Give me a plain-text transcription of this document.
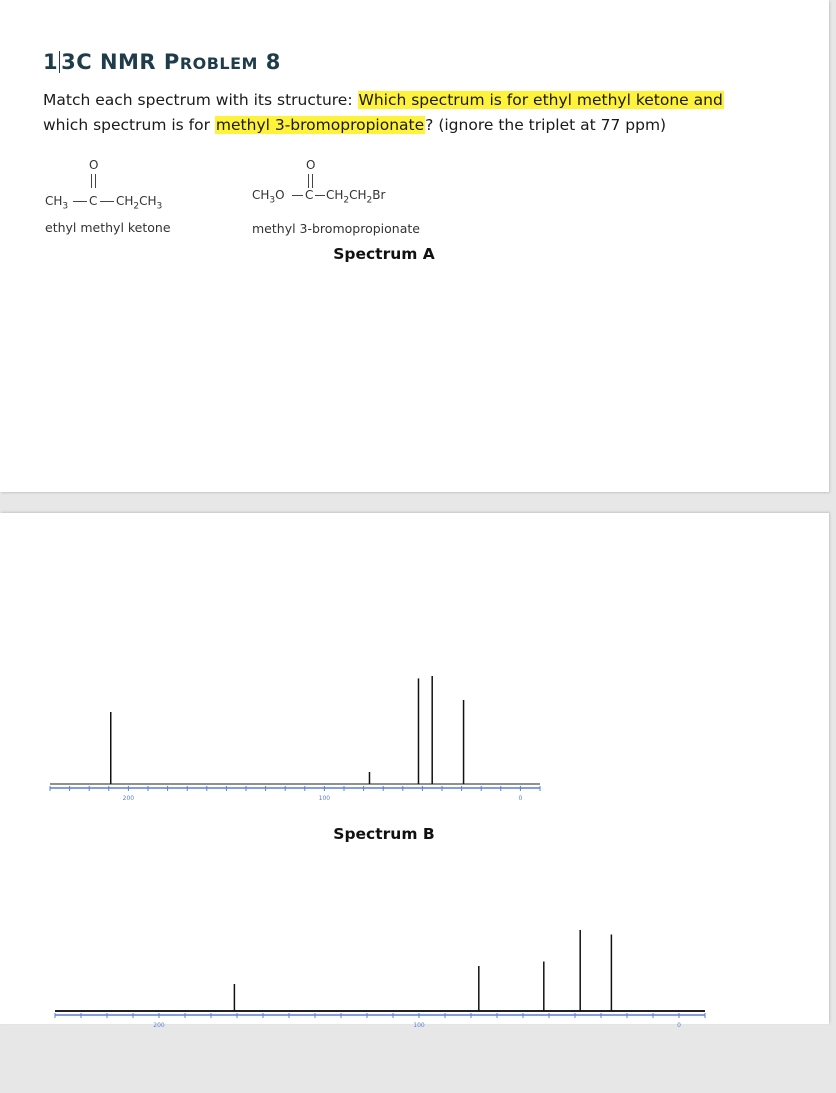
1 3C NMR PROBLEM 8
Match each spectrum with its structure: Which spectrum is for ethyl methyl ketone and
which spectrum is for methyl 3-bromopropionate? (ignore the triplet at 77 ppm)
O
$CH_3$ C $CH_2CH_3$
ethyl methyl ketone
O
$CH_3O$ C $CH_2CH_2Br$
methyl 3-bromopropionate
Spectrum A
200	100	0
Spectrum B
200	100	0
